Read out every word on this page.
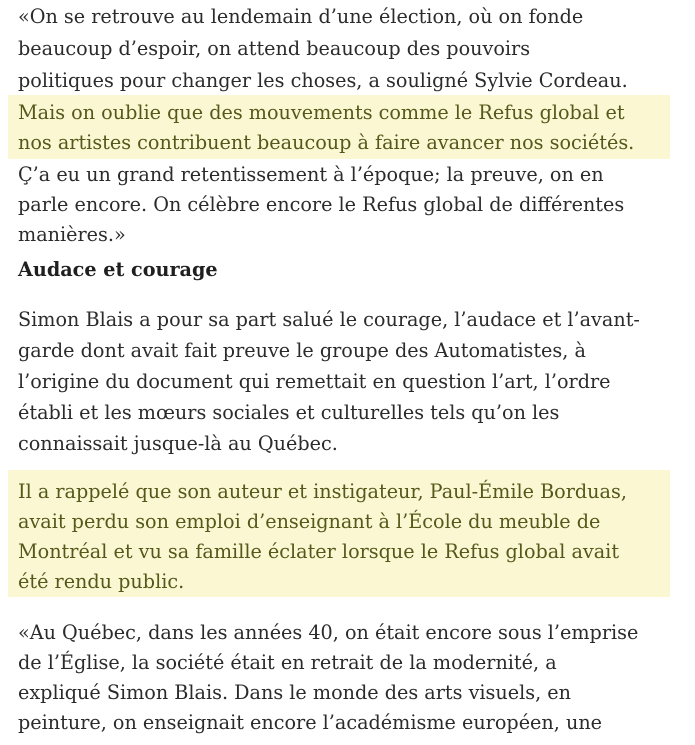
«On se retrouve au lendemain d’une élection, où on fonde
beaucoup d’espoir, on attend beaucoup des pouvoirs
politiques pour changer les choses, a souligné Sylvie Cordeau.
Mais on oublie que des mouvements comme le Refus global et
nos artistes contribuent beaucoup à faire avancer nos sociétés.
Ç’a eu un grand retentissement à l’époque; la preuve, on en
parle encore. On célèbre encore le Refus global de différentes
manières.»
Audace et courage
Simon Blais a pour sa part salué le courage, l’audace et l’avant-
garde dont avait fait preuve le groupe des Automatistes, à
l’origine du document qui remettait en question l’art, l’ordre
établi et les mœurs sociales et culturelles tels qu’on les
connaissait jusque-là au Québec.
Il a rappelé que son auteur et instigateur, Paul-Émile Borduas,
avait perdu son emploi d’enseignant à l’École du meuble de
Montréal et vu sa famille éclater lorsque le Refus global avait
été rendu public.
«Au Québec, dans les années 40, on était encore sous l’emprise
de l’Église, la société était en retrait de la modernité, a
expliqué Simon Blais. Dans le monde des arts visuels, en
peinture, on enseignait encore l’académisme européen, une
